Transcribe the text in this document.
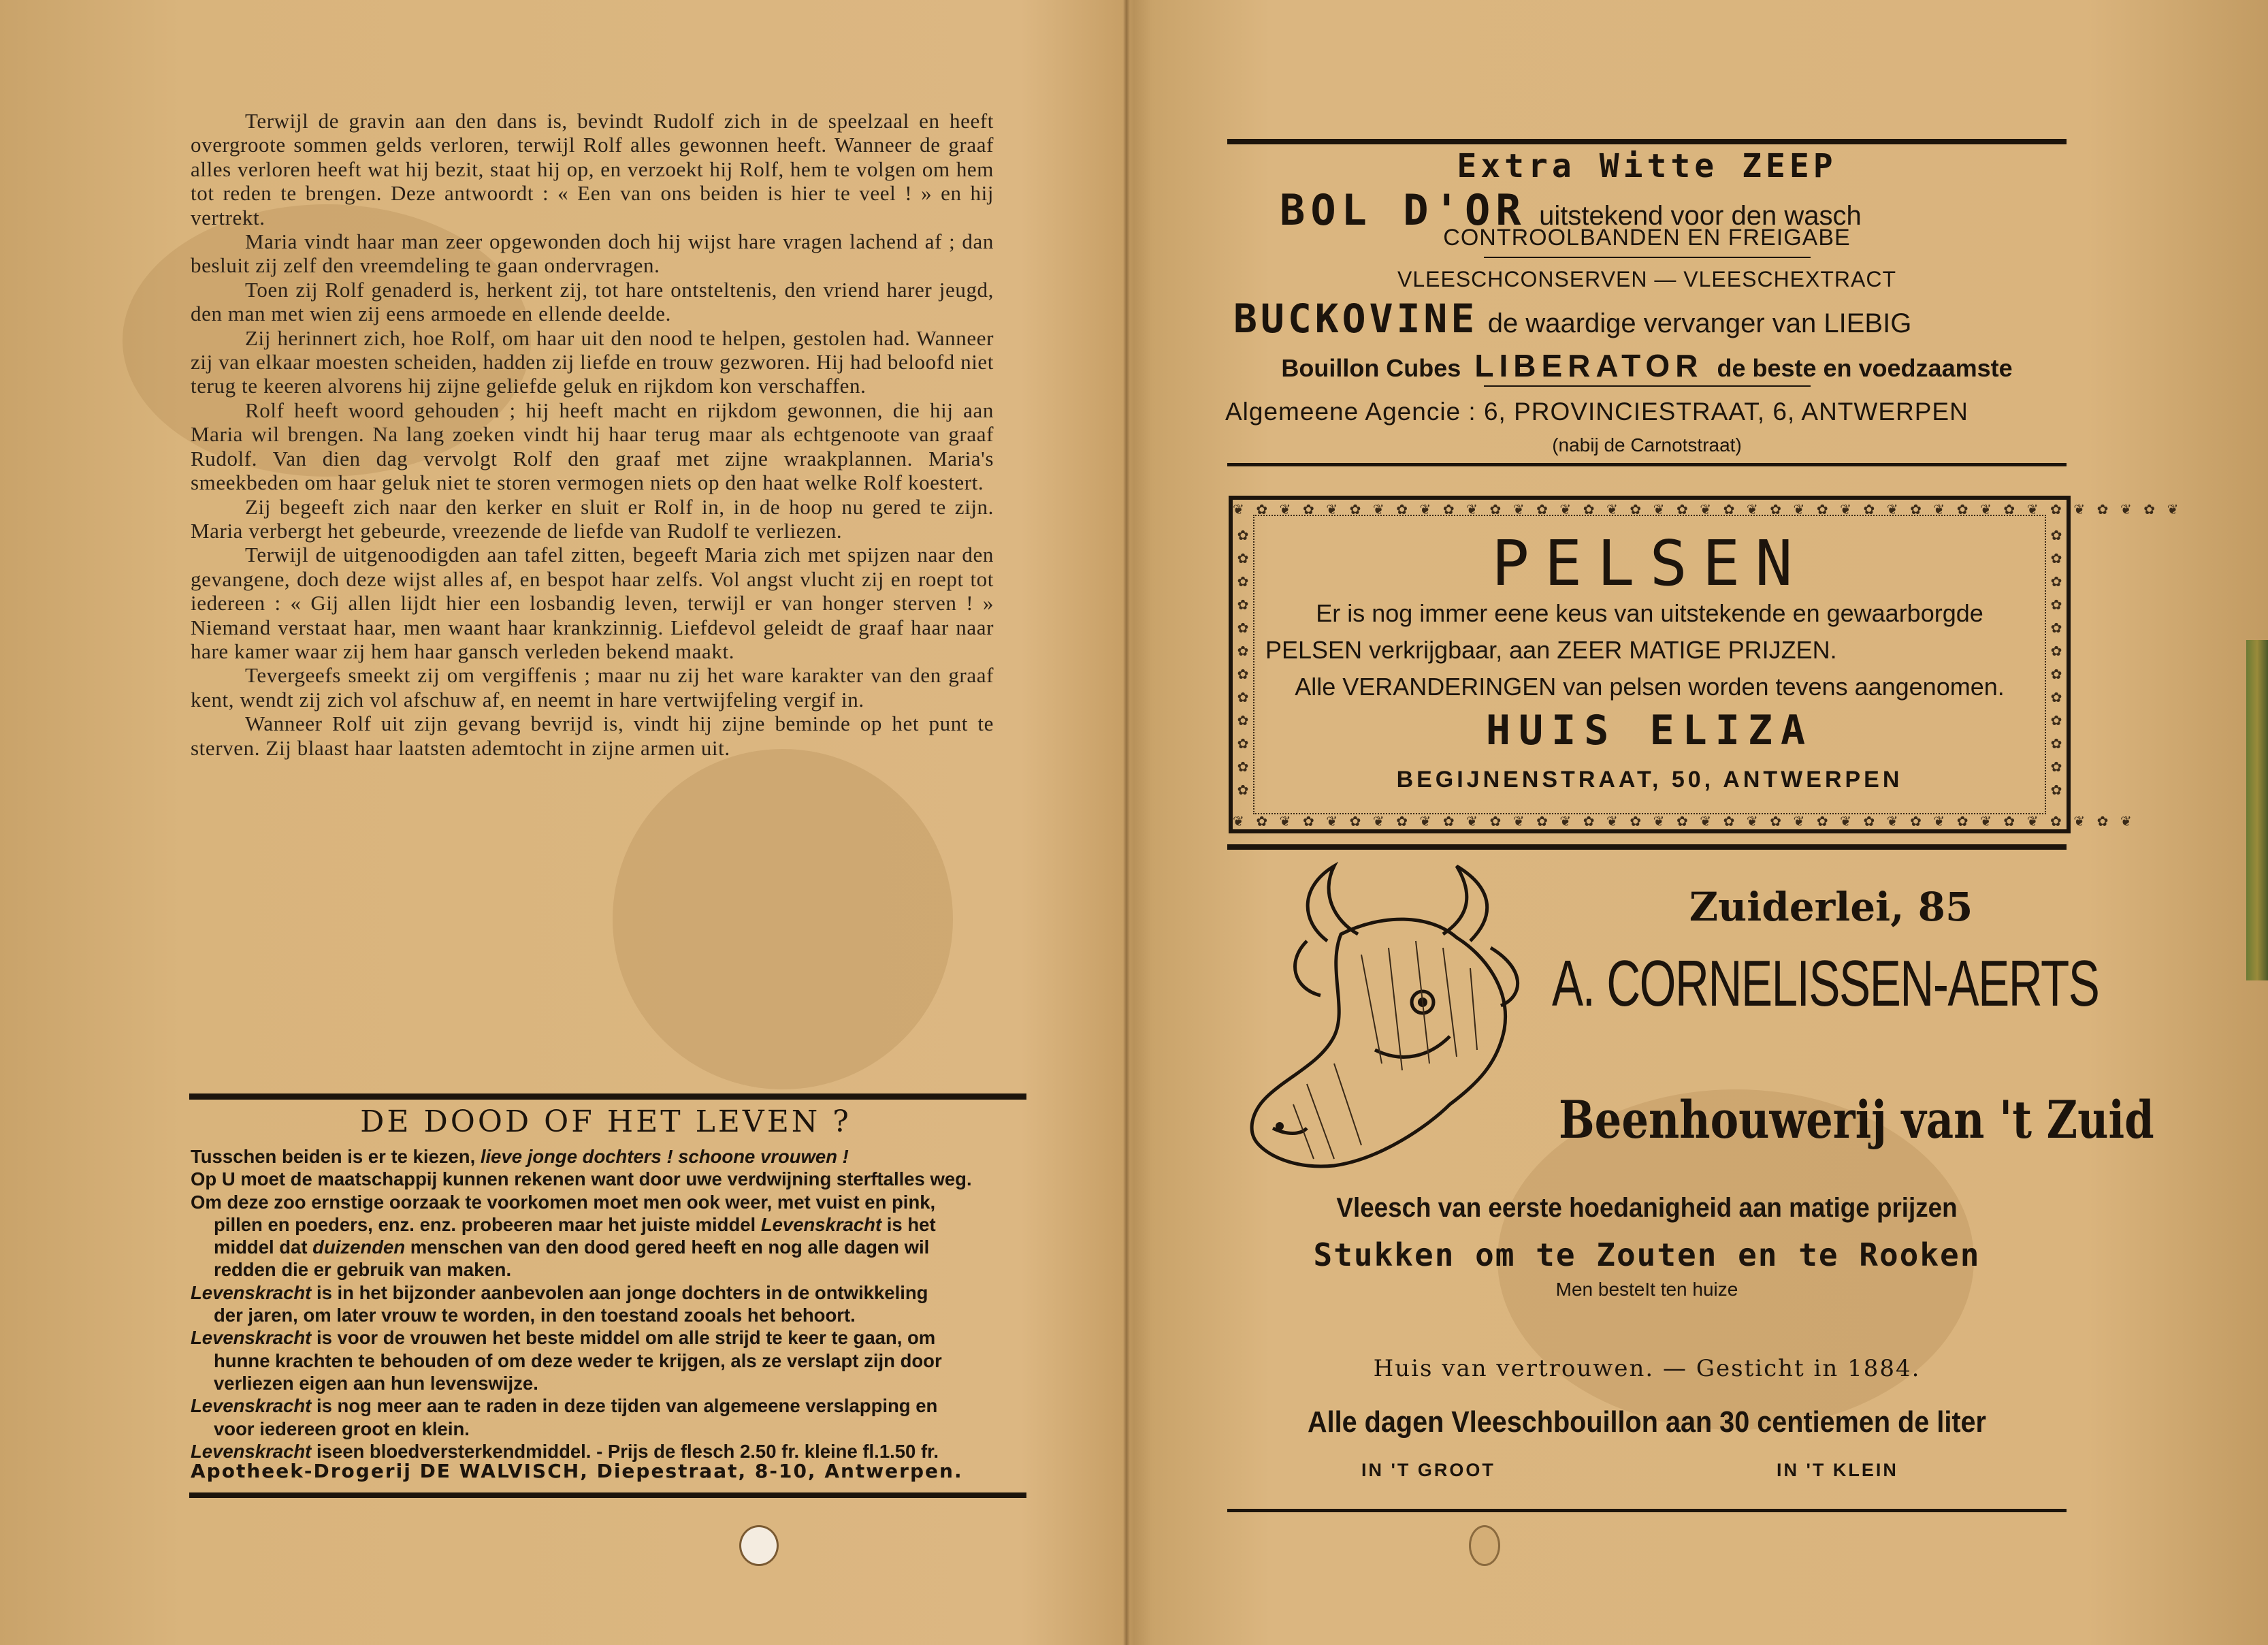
Terwijl de gravin aan den dans is, bevindt Rudolf zich in de speelzaal en heeft overgroote sommen gelds verloren, terwijl Rolf alles gewonnen heeft. Wanneer de graaf alles verloren heeft wat hij bezit, staat hij op, en verzoekt hij Rolf, hem te volgen om hem tot reden te brengen. Deze antwoordt : « Een van ons beiden is hier te veel ! » en hij vertrekt.

Maria vindt haar man zeer opgewonden doch hij wijst hare vragen lachend af ; dan besluit zij zelf den vreemdeling te gaan ondervragen.

Toen zij Rolf genaderd is, herkent zij, tot hare ontsteltenis, den vriend harer jeugd, den man met wien zij eens armoede en ellende deelde.

Zij herinnert zich, hoe Rolf, om haar uit den nood te helpen, gestolen had. Wanneer zij van elkaar moesten scheiden, hadden zij liefde en trouw gezworen. Hij had beloofd niet terug te keeren alvorens hij zijne geliefde geluk en rijkdom kon verschaffen.

Rolf heeft woord gehouden ; hij heeft macht en rijkdom gewonnen, die hij aan Maria wil brengen. Na lang zoeken vindt hij haar terug maar als echtgenoote van graaf Rudolf. Van dien dag vervolgt Rolf den graaf met zijne wraakplannen. Maria's smeekbeden om haar geluk niet te storen vermogen niets op den haat welke Rolf koestert.

Zij begeeft zich naar den kerker en sluit er Rolf in, in de hoop nu gered te zijn. Maria verbergt het gebeurde, vreezende de liefde van Rudolf te verliezen.

Terwijl de uitgenoodigden aan tafel zitten, begeeft Maria zich met spijzen naar den gevangene, doch deze wijst alles af, en bespot haar zelfs. Vol angst vlucht zij en roept tot iedereen : « Gij allen lijdt hier een losbandig leven, terwijl er van honger sterven ! » Niemand verstaat haar, men waant haar krankzinnig. Liefdevol geleidt de graaf haar naar hare kamer waar zij hem haar gansch verleden bekend maakt.

Tevergeefs smeekt zij om vergiffenis ; maar nu zij het ware karakter van den graaf kent, wendt zij zich vol afschuw af, en neemt in hare vertwijfeling vergif in.

Wanneer Rolf uit zijn gevang bevrijd is, vindt hij zijne beminde op het punt te sterven. Zij blaast haar laatsten ademtocht in zijne armen uit.

DE DOOD OF HET LEVEN ?
Tusschen beiden is er te kiezen, lieve jonge dochters ! schoone vrouwen !
Op U moet de maatschappij kunnen rekenen want door uwe verdwijning sterftalles weg.
Om deze zoo ernstige oorzaak te voorkomen moet men ook weer, met vuist en pink,
pillen en poeders, enz. enz. probeeren maar het juiste middel Levenskracht is het
middel dat duizenden menschen van den dood gered heeft en nog alle dagen wil
redden die er gebruik van maken.
Levenskracht is in het bijzonder aanbevolen aan jonge dochters in de ontwikkeling
der jaren, om later vrouw te worden, in den toestand zooals het behoort.
Levenskracht is voor de vrouwen het beste middel om alle strijd te keer te gaan, om
hunne krachten te behouden of om deze weder te krijgen, als ze verslapt zijn door
verliezen eigen aan hun levenswijze.
Levenskracht is nog meer aan te raden in deze tijden van algemeene verslapping en
voor iedereen groot en klein.
Levenskracht iseen bloedversterkendmiddel. - Prijs de flesch 2.50 fr. kleine fl.1.50 fr.
Apotheek-Drogerij DE WALVISCH, Diepestraat, 8-10, Antwerpen.
Extra Witte ZEEP
BOL D'OR uitstekend voor den wasch
CONTROOLBANDEN EN FREIGABE
VLEESCHCONSERVEN — VLEESCHEXTRACT
BUCKOVINE de waardige vervanger van LIEBIG
Bouillon Cubes LIBERATOR de beste en voedzaamste
Algemeene Agencie : 6, PROVINCIESTRAAT, 6, ANTWERPEN
(nabij de Carnotstraat)
❦ ✿ ❦ ✿ ❦ ✿ ❦ ✿ ❦ ✿ ❦ ✿ ❦ ✿ ❦ ✿ ❦ ✿ ❦ ✿ ❦ ✿ ❦ ✿ ❦ ✿ ❦ ✿ ❦ ✿ ❦ ✿ ❦ ✿ ❦ ✿ ❦ ✿ ❦ ✿ ❦
❦ ✿ ❦ ✿ ❦ ✿ ❦ ✿ ❦ ✿ ❦ ✿ ❦ ✿ ❦ ✿ ❦ ✿ ❦ ✿ ❦ ✿ ❦ ✿ ❦ ✿ ❦ ✿ ❦ ✿ ❦ ✿ ❦ ✿ ❦ ✿ ❦ ✿ ❦
✿
✿
✿
✿
✿
✿
✿
✿
✿
✿
✿
✿
✿
✿
✿
✿
✿
✿
✿
✿
✿
✿
✿
✿
PELSEN
Er is nog immer eene keus van uitstekende en gewaarborgde
PELSEN verkrijgbaar, aan ZEER MATIGE PRIJZEN.
Alle VERANDERINGEN van pelsen worden tevens aangenomen.
HUIS ELIZA
BEGIJNENSTRAAT, 50, ANTWERPEN
Zuiderlei, 85
A. CORNELISSEN-AERTS
Beenhouwerij van 't Zuid
Vleesch van eerste hoedanigheid aan matige prijzen
Stukken om te Zouten en te Rooken
Men besteIt ten huize
Huis van vertrouwen. — Gesticht in 1884.
Alle dagen Vleeschbouillon aan 30 centiemen de liter
IN 'T GROOT	IN 'T KLEIN
